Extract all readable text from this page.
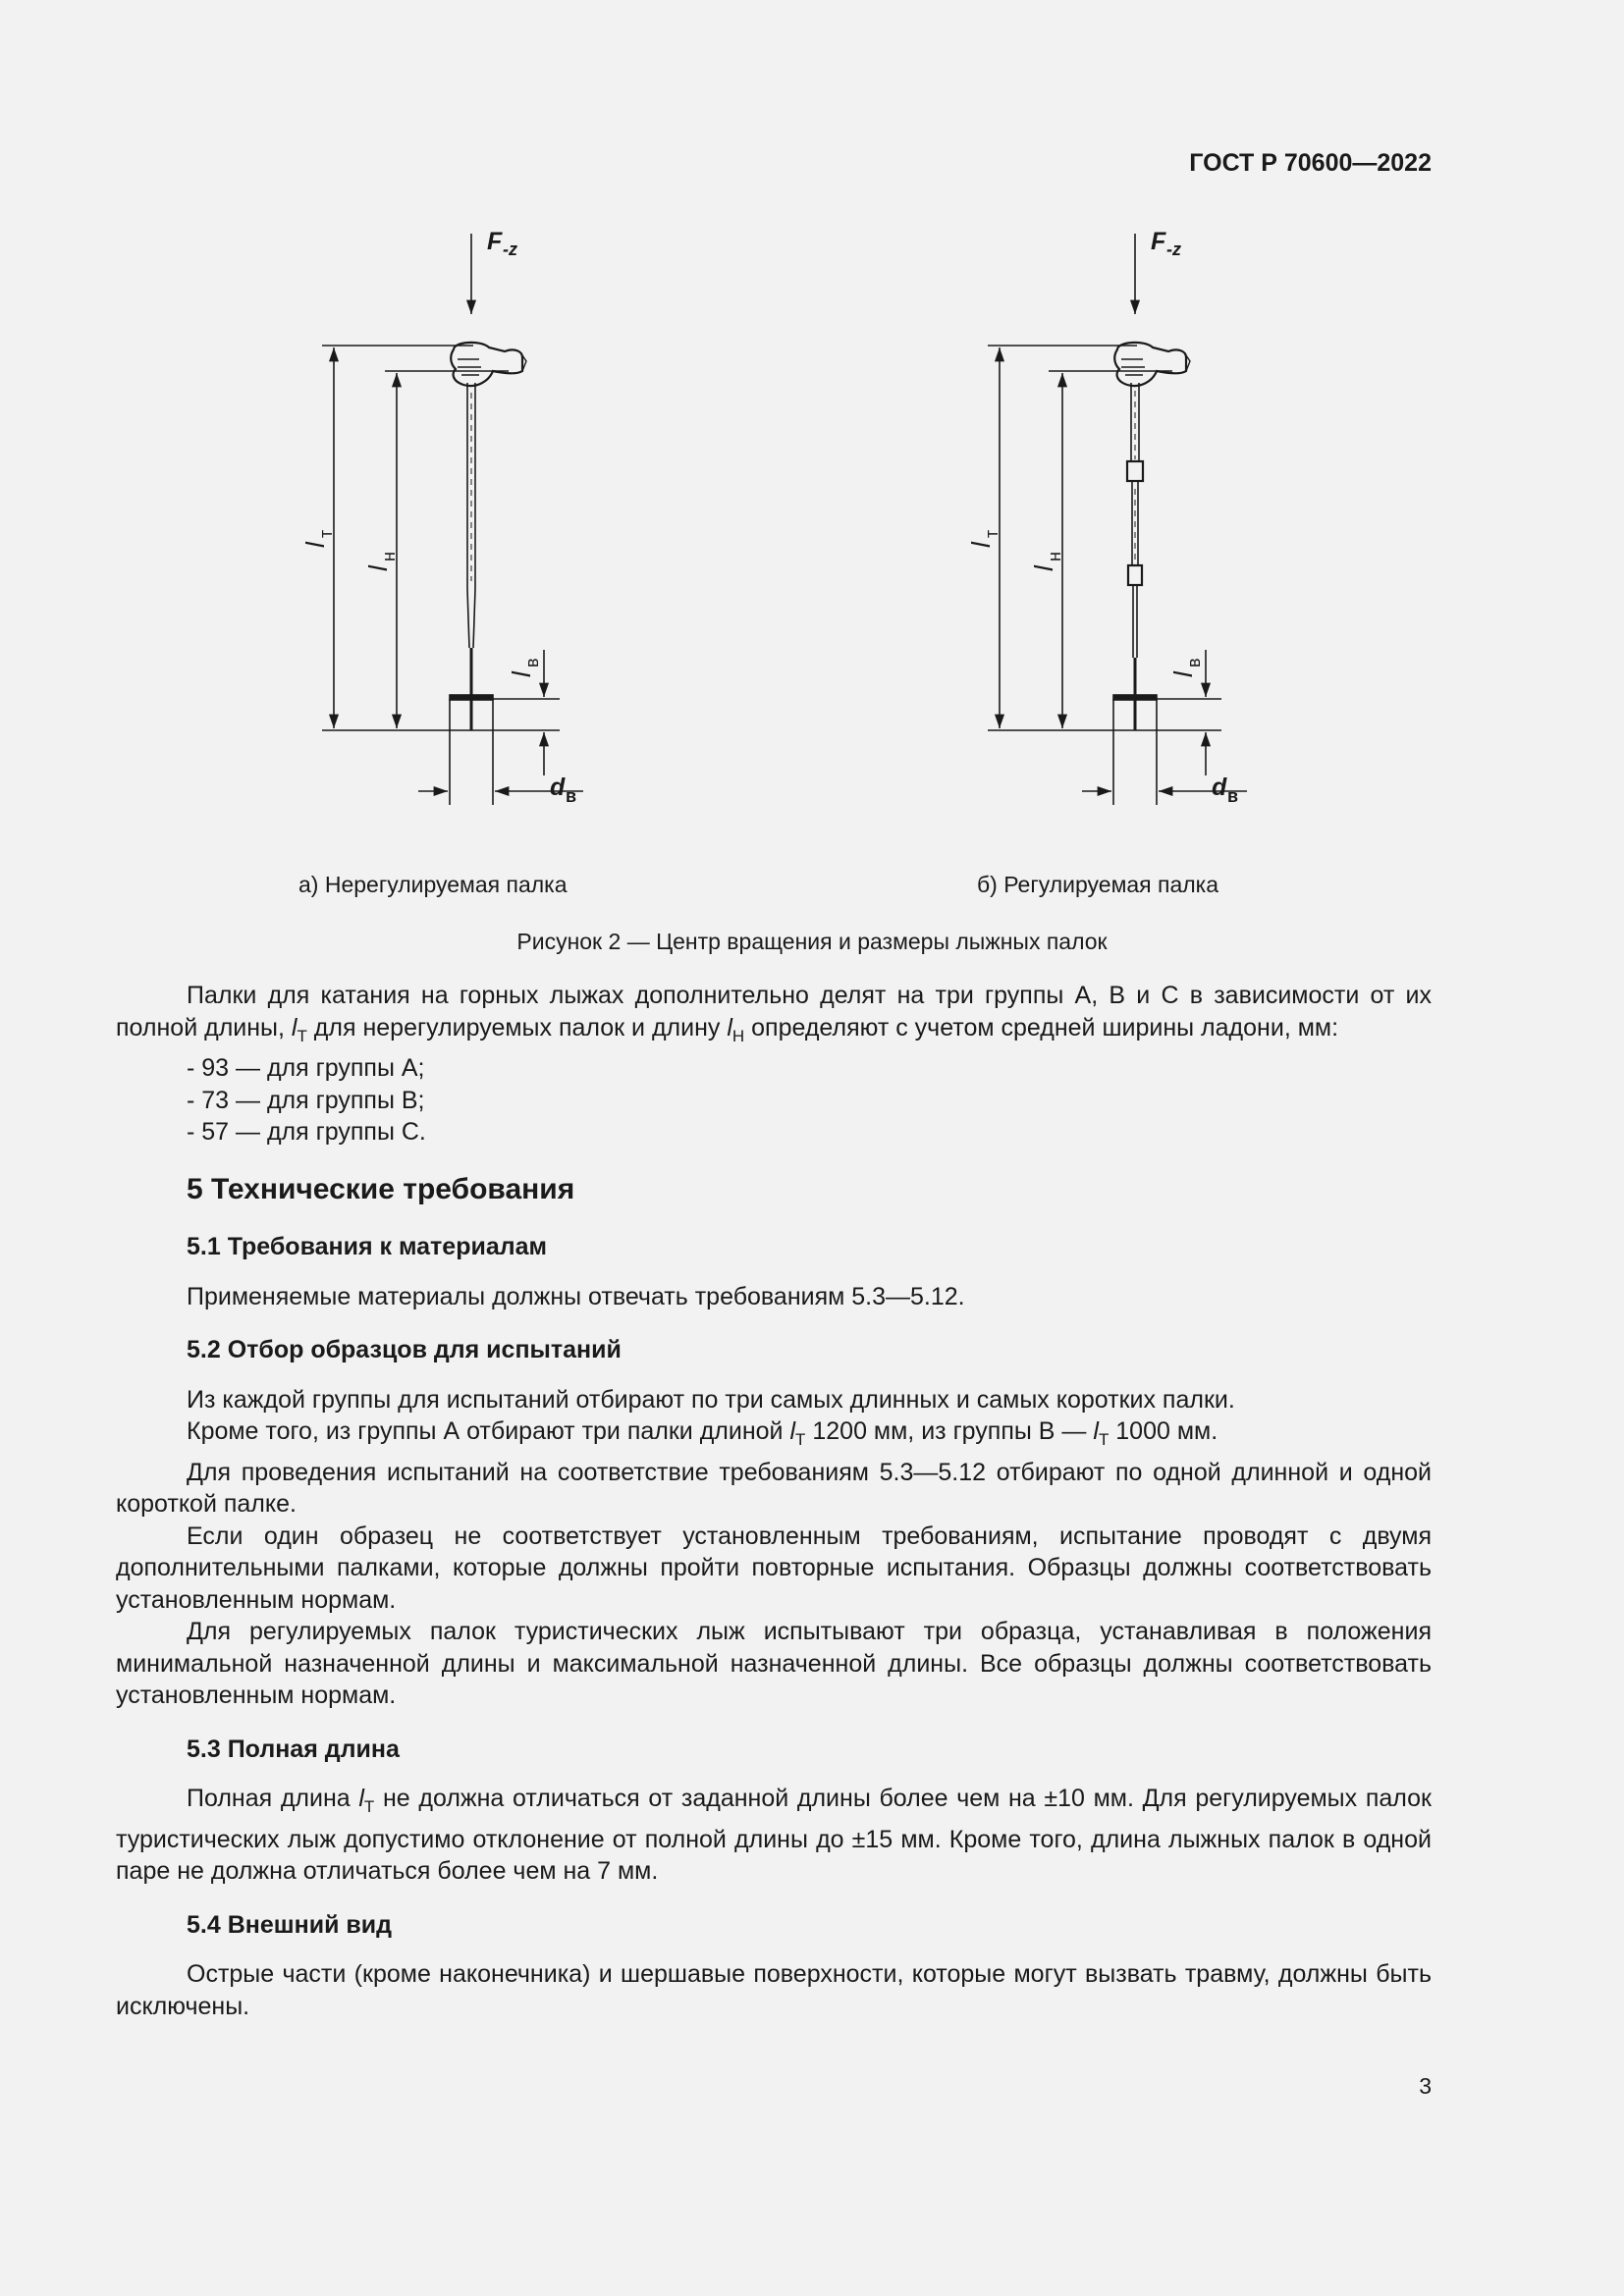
ГОСТ Р 70600—2022
F -z
l
т
l
н
l
в
d в
F -z
l
т
l
н
l
в
d в
а) Нерегулируемая палка	б) Регулируемая палка
Рисунок 2 — Центр вращения и размеры лыжных палок

Палки для катания на горных лыжах дополнительно делят на три группы А, В и С в зависимости от их полной длины, $l_T$ для нерегулируемых палок и длину $l_H$ определяют с учетом средней ширины ладони, мм:

- 93 — для группы А;
- 73 — для группы В;
- 57 — для группы С.
5 Технические требования
5.1 Требования к материалам

Применяемые материалы должны отвечать требованиям 5.3—5.12.

5.2 Отбор образцов для испытаний

Из каждой группы для испытаний отбирают по три самых длинных и самых коротких палки.

Кроме того, из группы А отбирают три палки длиной $l_T$ 1200 мм, из группы В — $l_T$ 1000 мм.

Для проведения испытаний на соответствие требованиям 5.3—5.12 отбирают по одной длинной и одной короткой палке.

Если один образец не соответствует установленным требованиям, испытание проводят с двумя дополнительными палками, которые должны пройти повторные испытания. Образцы должны соответствовать установленным нормам.

Для регулируемых палок туристических лыж испытывают три образца, устанавливая в положения минимальной назначенной длины и максимальной назначенной длины. Все образцы должны соответствовать установленным нормам.

5.3 Полная длина

Полная длина $l_T$ не должна отличаться от заданной длины более чем на ±10 мм. Для регулируемых палок туристических лыж допустимо отклонение от полной длины до ±15 мм. Кроме того, длина лыжных палок в одной паре не должна отличаться более чем на 7 мм.

5.4 Внешний вид

Острые части (кроме наконечника) и шершавые поверхности, которые могут вызвать травму, должны быть исключены.

3
